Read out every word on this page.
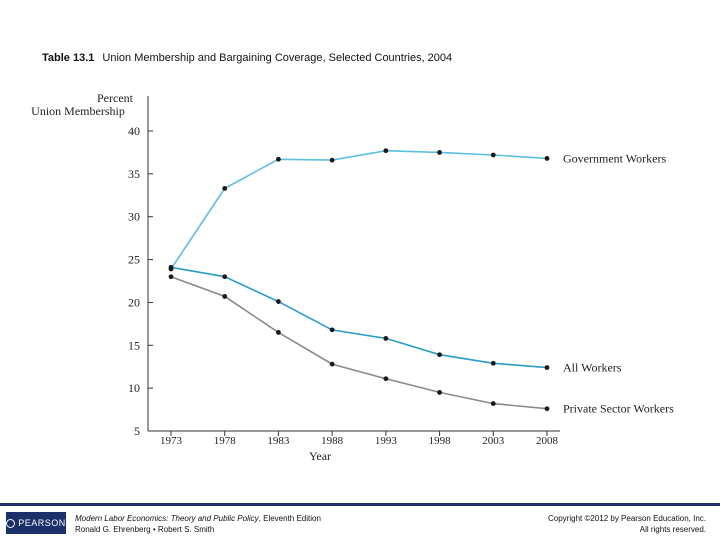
Table 13.1 Union Membership and Bargaining Coverage, Selected Countries, 2004
5
10
15
20
25
30
35
40
1973	1978	1983	1988	1993	1998	2003	2008
Percent
Union Membership
Year
Government Workers
All Workers
Private Sector Workers
PEARSON Modern Labor Economics: Theory and Public Policy, Eleventh Edition
Ronald G. Ehrenberg • Robert S. Smith
Copyright ©2012 by Pearson Education, Inc.
All rights reserved.
